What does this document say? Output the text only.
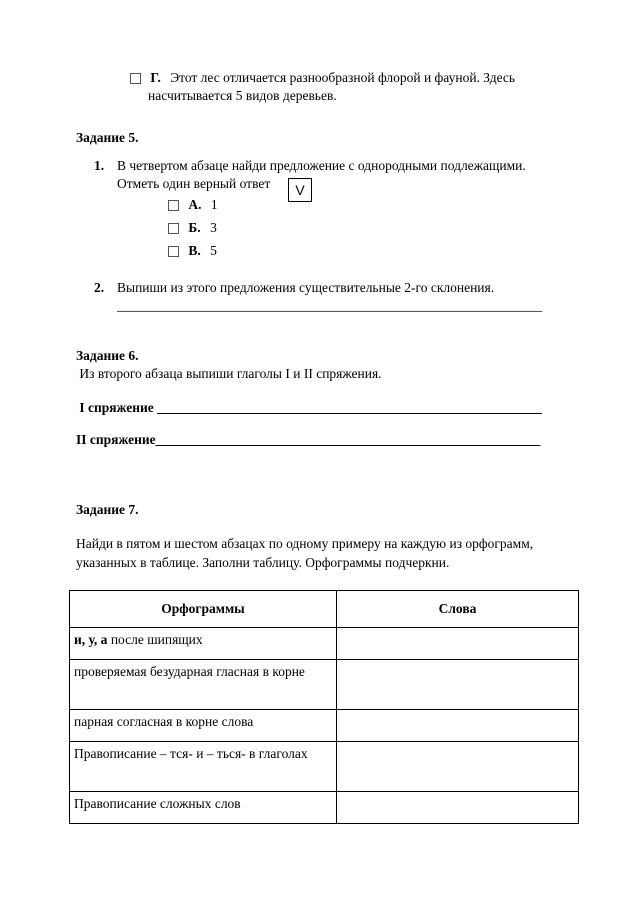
Г. Этот лес отличается разнообразной флорой и фауной. Здесь
насчитывается 5 видов деревьев.
Задание 5.
1. В четвертом абзаце найди предложение с однородными подлежащими.
Отметь один верный ответ	V
А. 1
Б. 3
В. 5
2. Выпиши из этого предложения существительные 2-го склонения.
_______________________________________________________________
Задание 6.
Из второго абзаца выпиши глаголы I и II спряжения.
I спряжение _________________________________________________________
II спряжение_________________________________________________________
Задание 7.
Найди в пятом и шестом абзацах по одному примеру на каждую из орфограмм,
указанных в таблице. Заполни таблицу. Орфограммы подчеркни.
Орфограммы	Слова
и, у, а после шипящих	
проверяемая безударная гласная в корне	
парная согласная в корне слова	
Правописание – тся- и – ться- в глаголах	
Правописание сложных слов	
